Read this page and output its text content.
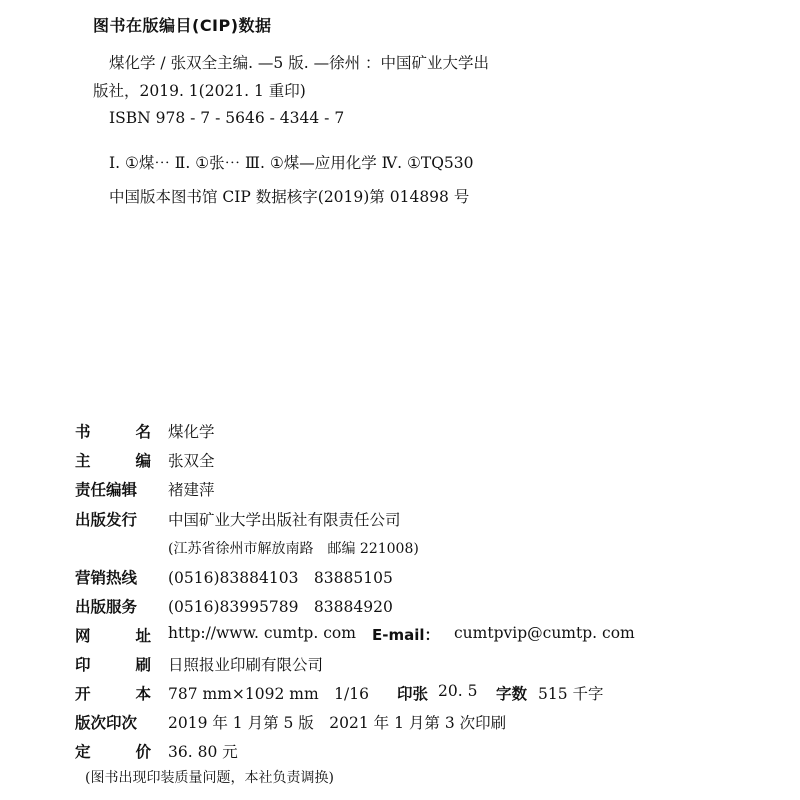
图书在版编目(CIP)数据
煤化学 / 张双全主编. —5 版. —徐州 ：中国矿业大学出
版社，2019. 1(2021. 1 重印)
ISBN 978 - 7 - 5646 - 4344 - 7
Ⅰ. ①煤⋯ Ⅱ. ①张⋯ Ⅲ. ①煤—应用化学 Ⅳ. ①TQ530
中国版本图书馆 CIP 数据核字(2019)第 014898 号
书	名 煤化学
主	编 张双全
责任编辑 褚建萍
出版发行 中国矿业大学出版社有限责任公司
(江苏省徐州市解放南路　邮编 221008)
营销热线 (0516)83884103　83885105
出版服务 (0516)83995789　83884920
网	址 http://www. cumtp. com E-mail： cumtpvip@cumtp. com
印	刷 日照报业印刷有限公司
开	本 787 mm×1092 mm　1/16 印张 20. 5 字数 515 千字
版次印次 2019 年 1 月第 5 版　2021 年 1 月第 3 次印刷
定	价 36. 80 元
(图书出现印装质量问题，本社负责调换)
